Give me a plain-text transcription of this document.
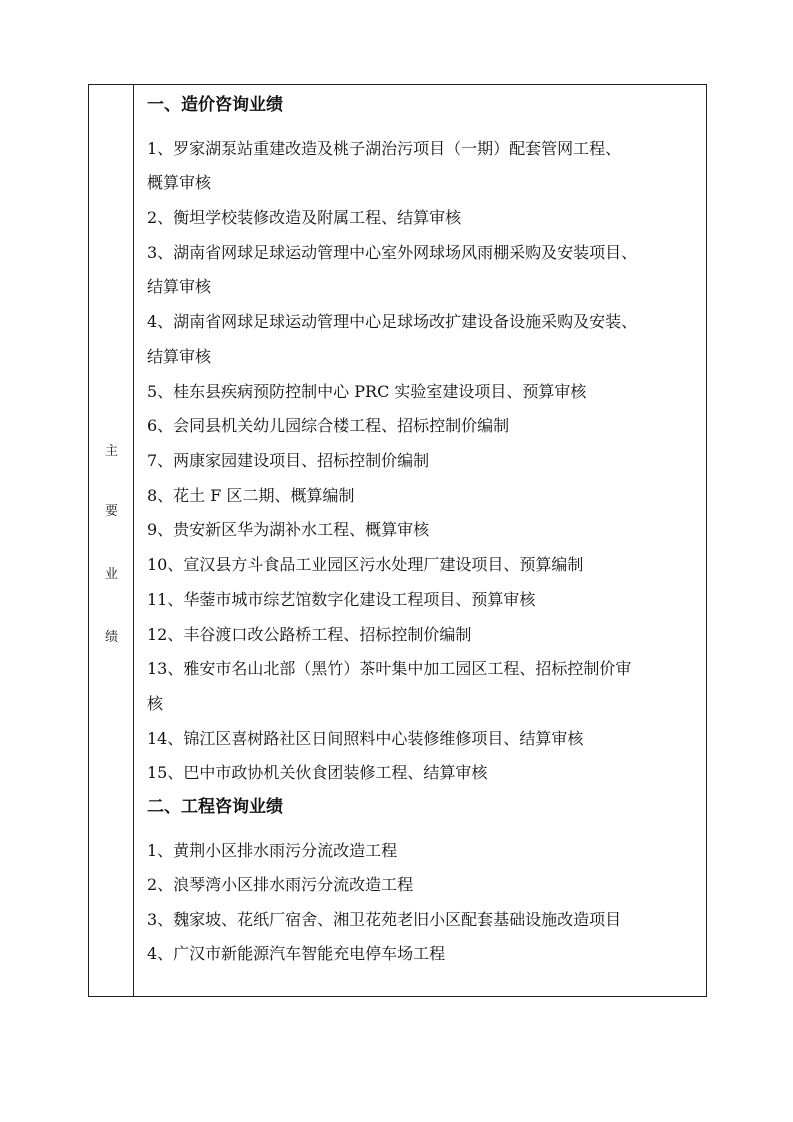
主
要
业
绩
一、造价咨询业绩
1、罗家湖泵站重建改造及桃子湖治污项目（一期）配套管网工程、
概算审核
2、衡坦学校装修改造及附属工程、结算审核
3、湖南省网球足球运动管理中心室外网球场风雨棚采购及安装项目、
结算审核
4、湖南省网球足球运动管理中心足球场改扩建设备设施采购及安装、
结算审核
5、桂东县疾病预防控制中心 PRC 实验室建设项目、预算审核
6、会同县机关幼儿园综合楼工程、招标控制价编制
7、两康家园建设项目、招标控制价编制
8、花土 F 区二期、概算编制
9、贵安新区华为湖补水工程、概算审核
10、宣汉县方斗食品工业园区污水处理厂建设项目、预算编制
11、华蓥市城市综艺馆数字化建设工程项目、预算审核
12、丰谷渡口改公路桥工程、招标控制价编制
13、雅安市名山北部（黑竹）茶叶集中加工园区工程、招标控制价审
核
14、锦江区喜树路社区日间照料中心装修维修项目、结算审核
15、巴中市政协机关伙食团装修工程、结算审核
二、工程咨询业绩
1、黄荆小区排水雨污分流改造工程
2、浪琴湾小区排水雨污分流改造工程
3、魏家坡、花纸厂宿舍、湘卫花苑老旧小区配套基础设施改造项目
4、广汉市新能源汽车智能充电停车场工程
